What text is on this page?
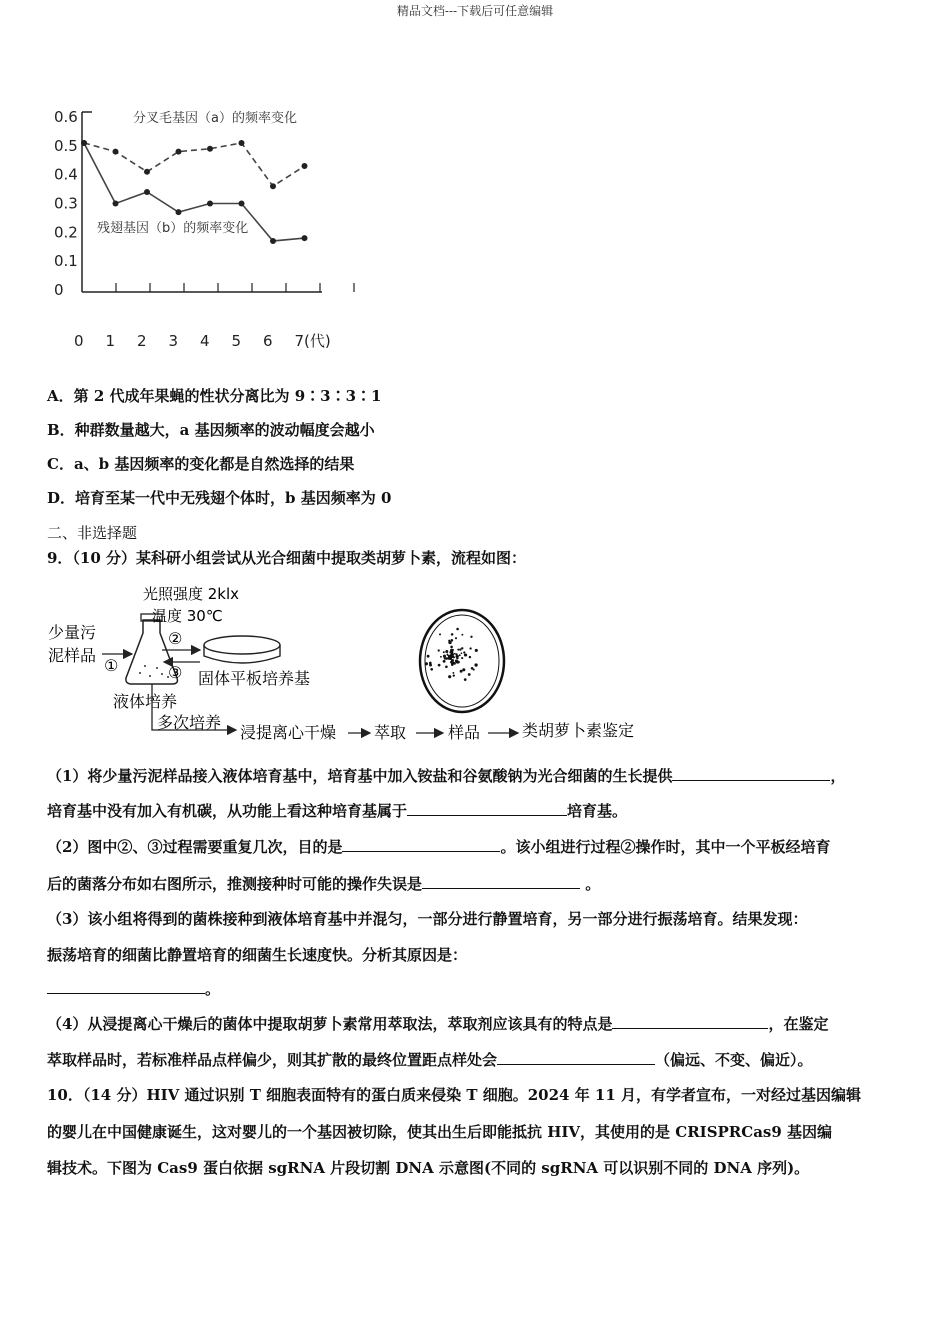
精品文档---下载后可任意编辑
0.6
0.5
0.4
0.3
0.2
0.1
0
0 1 2 3 4 5 6 7(代)
分叉毛基因（a）的频率变化
残翅基因（b）的频率变化
A．第 2 代成年果蝇的性状分离比为 9∶3∶3∶1
B．种群数量越大，a 基因频率的波动幅度会越小
C．a、b 基因频率的变化都是自然选择的结果
D．培育至某一代中无残翅个体时，b 基因频率为 0
二、非选择题
9．（10 分）某科研小组尝试从光合细菌中提取类胡萝卜素，流程如图：
少量污
泥样品
①
光照强度 2klx
温度 30℃
②
③ 固体平板培养基
液体培养
多次培养
浸提离心干燥 萃取	样品	类胡萝卜素鉴定
（1）将少量污泥样品接入液体培育基中，培育基中加入铵盐和谷氨酸钠为光合细菌的生长提供	，
培育基中没有加入有机碳，从功能上看这种培育基属于	培育基。
（2）图中②、③过程需要重复几次，目的是	。该小组进行过程②操作时，其中一个平板经培育
后的菌落分布如右图所示，推测接种时可能的操作失误是	。
（3）该小组将得到的菌株接种到液体培育基中并混匀，一部分进行静置培育，另一部分进行振荡培育。结果发现：
振荡培育的细菌比静置培育的细菌生长速度快。分析其原因是：
。
（4）从浸提离心干燥后的菌体中提取胡萝卜素常用萃取法，萃取剂应该具有的特点是	，在鉴定
萃取样品时，若标准样品点样偏少，则其扩散的最终位置距点样处会	（偏远、不变、偏近）。
10．（14 分）HIV 通过识别 T 细胞表面特有的蛋白质来侵染 T 细胞。2024 年 11 月，有学者宣布，一对经过基因编辑
的婴儿在中国健康诞生，这对婴儿的一个基因被切除，使其出生后即能抵抗 HIV，其使用的是 CRISPRCas9 基因编
辑技术。下图为 Cas9 蛋白依据 sgRNA 片段切割 DNA 示意图(不同的 sgRNA 可以识别不同的 DNA 序列)。
